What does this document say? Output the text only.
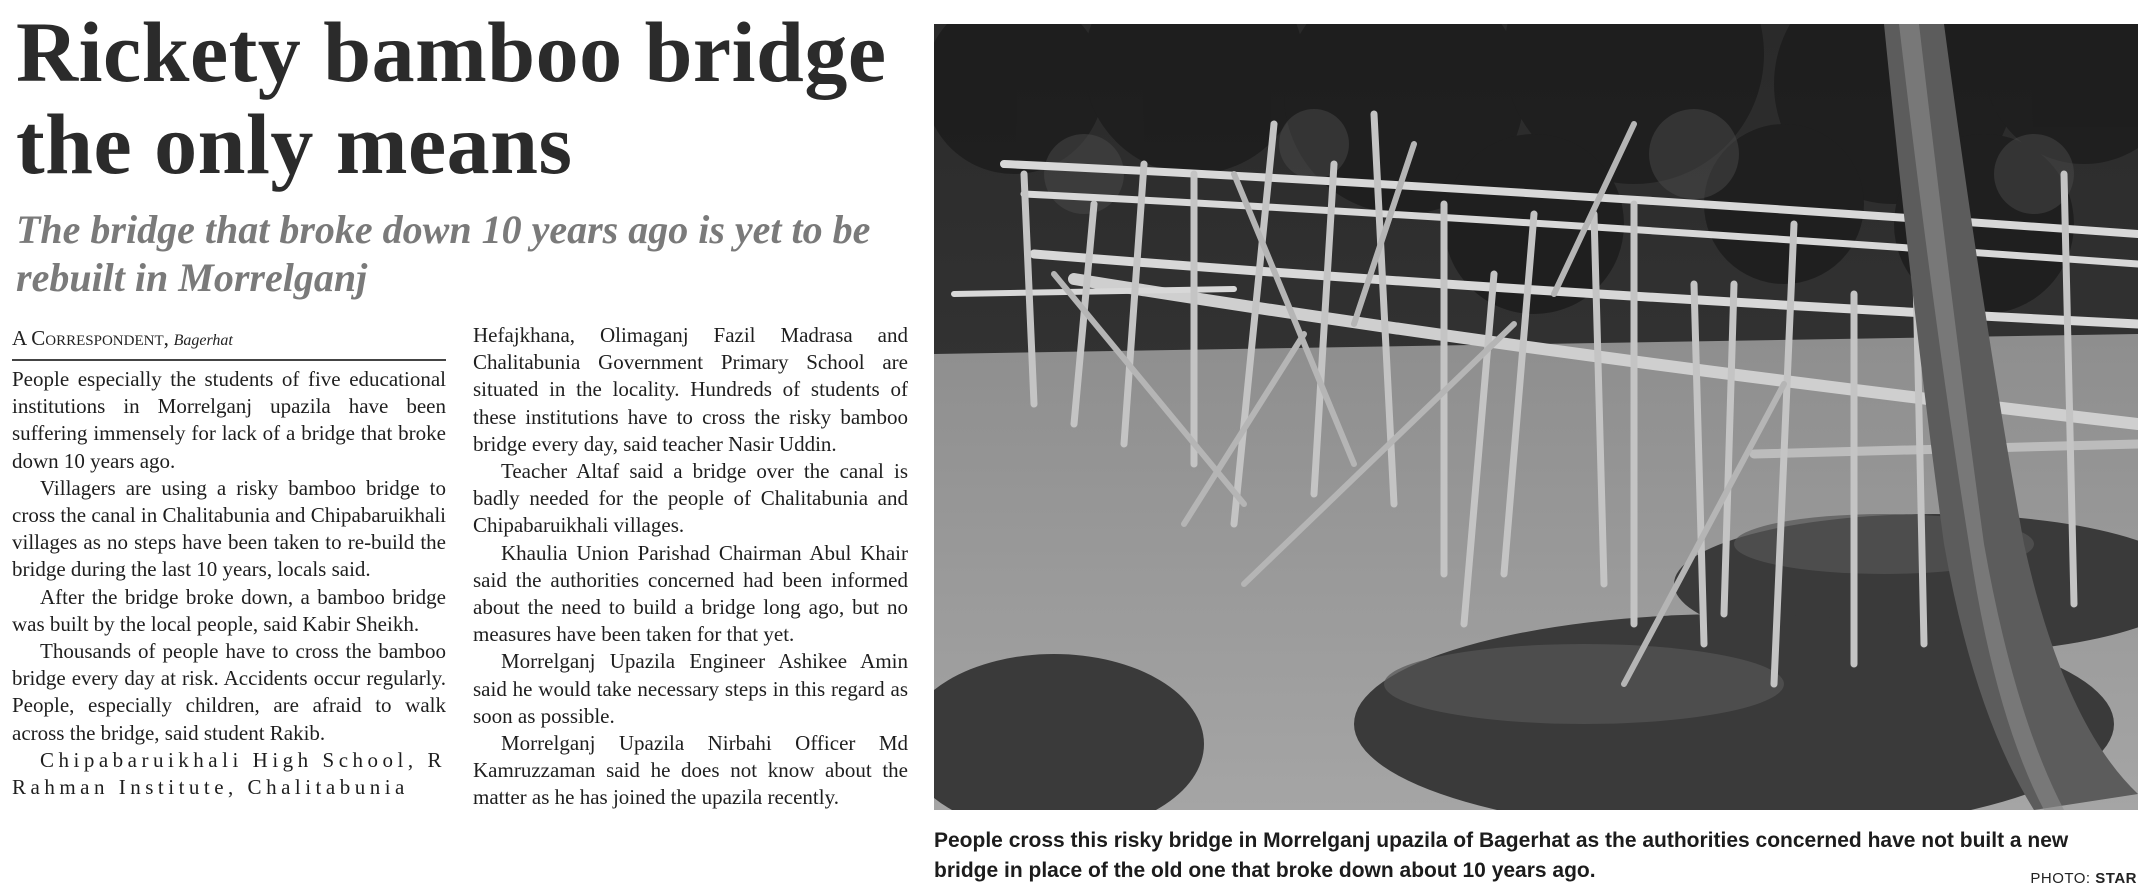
Rickety bamboo bridge the only means
The bridge that broke down 10 years ago is yet to be rebuilt in Morrelganj
A Correspondent, Bagerhat

People especially the students of five educational institutions in Morrelganj upazila have been suffering immensely for lack of a bridge that broke down 10 years ago.

Villagers are using a risky bamboo bridge to cross the canal in Chalitabunia and Chipabaruikhali villages as no steps have been taken to re-build the bridge during the last 10 years, locals said.

After the bridge broke down, a bamboo bridge was built by the local people, said Kabir Sheikh.

Thousands of people have to cross the bamboo bridge every day at risk. Accidents occur regularly. People, especially children, are afraid to walk across the bridge, said student Rakib.

Chipabaruikhali High School, R Rahman Institute, Chalitabunia

Hefajkhana, Olimaganj Fazil Madrasa and Chalitabunia Government Primary School are situated in the locality. Hundreds of students of these institutions have to cross the risky bamboo bridge every day, said teacher Nasir Uddin.

Teacher Altaf said a bridge over the canal is badly needed for the people of Chalitabunia and Chipabaruikhali villages.

Khaulia Union Parishad Chairman Abul Khair said the authorities concerned had been informed about the need to build a bridge long ago, but no measures have been taken for that yet.

Morrelganj Upazila Engineer Ashikee Amin said he would take necessary steps in this regard as soon as possible.

Morrelganj Upazila Nirbahi Officer Md Kamruzzaman said he does not know about the matter as he has joined the upazila recently.

People cross this risky bridge in Morrelganj upazila of Bagerhat as the authorities concerned have not built a new bridge in place of the old one that broke down about 10 years ago.	PHOTO: STAR
